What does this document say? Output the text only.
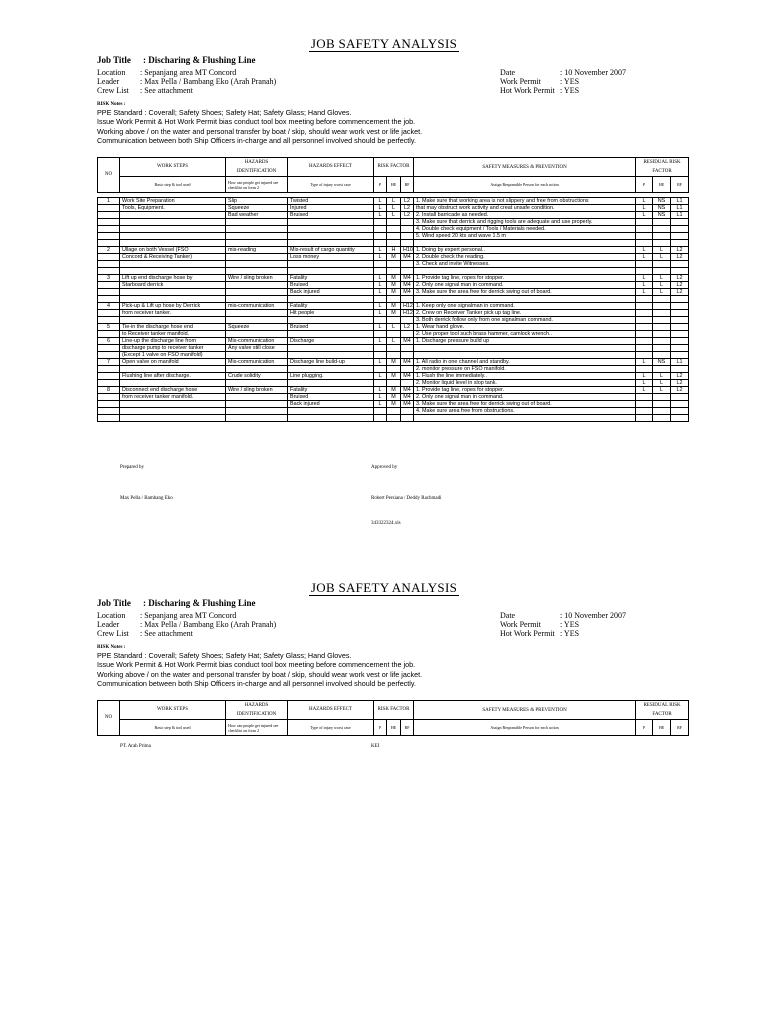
JOB SAFETY ANALYSIS
Job Title : Discharing & Flushing Line
Location : Sepanjang area MT Concord
Leader	: Max Pella / Bambang Eko (Arah Pranah)
Crew List : See attachment
Date	: 10 November 2007
Work Permit : YES
Hot Work Permit : YES
RISK Notes :
PPE Standard : Coverall; Safety Shoes; Safety Hat; Safety Glass; Hand Gloves.
Issue Work Permit & Hot Work Permit bias conduct tool box meeting before commencement the job.
Working above / on the water and personal transfer by boat / skip, should wear work vest or life jacket.
Communication between both Ship Officers in-charge and all personnel involved should be perfectly.
NO	WORK STEPS	HAZARDS IDENTIFICATION	HAZARDS EFFECT	RISK FACTOR			SAFETY MEASURES & PREVENTION	RESIDUAL RISK FACTOR		
	Basic step & tool used	How can people get injured see checklist on form 2	Type of injury worst case	P	HE	RF	Assign Responsible Person for each action	P	HE	RF

1	Work Site Preparation	Slip	Twisted	L	L	L2	1. Make sure that working area is not slippery and free from obstructions	L	NS	L1
	Tools, Equipment.	Squeeze	Injured	L	L	L2	that may obstruct work activity and creat unsafe condition.	L	NS	L1
		Bad weather	Bruised	L	L	L2	2. Install barricade as needed.	L	NS	L1
							3. Make sure that derrick and rigging tools are adequate and use properly.			
							4. Double check equipment / Tools / Materials needed.			
							5. Wind speed 20 kts and wave 1.5 m			

2	Ullage on both Vessel (FSO	mis-reading	Mis-result of cargo quantity	L	H	H10	1. Doing by expert personal..	L	L	L2
	Concord & Receiving Tanker)		Loss money	L	M	M4	2. Double check the reading.	L	L	L2
							3. Check and invite Witnesses.			

3	Lift up end discharge hose by	Wire / sling broken	Fatality	L	M	M4	1. Provide tag line, ropes for stopper.	L	L	L2
	Starboard derrick		Bruised	L	M	M4	2. Only one signal man in command.	L	L	L2
			Back injured	L	M	M4	3. Make sure the area free for derrick swing out of board.	L	L	L2

4	Pick-up & Lift up hose by Derrick	mis-communication	Fatality	L	M	H12	1. Keep only one signalman in command.			
	from receiver tanker.		Hit people	L	M	H12	2. Crew on Receiver Tanker pick up tag line.			
							3. Both derrick follow only from one signalman command.			
5	Tie-in the discharge hose end	Squeeze	Bruised	L	L	L2	1. Wear hand glove.			
	to Receiver tanker manifold.						2. Use proper tool such brass hammer, camlock wrench..			
6	Line-up the discharge line from	Mis-communication	Discharge	L	L	M4	1. Discharge pressure build up			
	discharge pump to receiver tanker	Any valve still close								
	(Except 1 valve on FSO manifold)									
7	Open valve on manifold	Mis-communication	Discharge line build-up	L	M	M4	1. All radio in one channel and standby.	L	NS	L1
							2. monitor pressure on FSO manifold.			
	Flushing line after discharge.	Crude solidity	Line plugging.	L	M	M4	1. Flush the line immediately..	L	L	L2
							2. Monitor liquid level in slop tank.	L	L	L2
8	Disconnect end discharge hose	Wire / sling broken	Fatality	L	M	M4	1. Provide tag line, ropes for stopper.	L	L	L2
	from receiver tanker manifold.		Bruised	L	M	M4	2. Only one signal man in command.			
			Back injured	L	M	M4	3. Make sure the area free for derrick swing out of board.			
							4. Make sure area free from obstructions.			

Prepared by	Approved by
Max Pella / Bambang Eko	Robert Persiana / Deddy Rachmadi
343322324.xls
JOB SAFETY ANALYSIS
Job Title : Discharing & Flushing Line
Location : Sepanjang area MT Concord
Leader	: Max Pella / Bambang Eko (Arah Pranah)
Crew List : See attachment
Date	: 10 November 2007
Work Permit : YES
Hot Work Permit : YES
RISK Notes :
PPE Standard : Coverall; Safety Shoes; Safety Hat; Safety Glass; Hand Gloves.
Issue Work Permit & Hot Work Permit bias conduct tool box meeting before commencement the job.
Working above / on the water and personal transfer by boat / skip, should wear work vest or life jacket.
Communication between both Ship Officers in-charge and all personnel involved should be perfectly.
NO	WORK STEPS	HAZARDS IDENTIFICATION	HAZARDS EFFECT	RISK FACTOR			SAFETY MEASURES & PREVENTION	RESIDUAL RISK FACTOR		
	Basic step & tool used	How can people get injured see checklist on form 2	Type of injury worst case	P	HE	RF	Assign Responsible Person for each action	P	HE	RF
PT. Arah Prima	KEI
